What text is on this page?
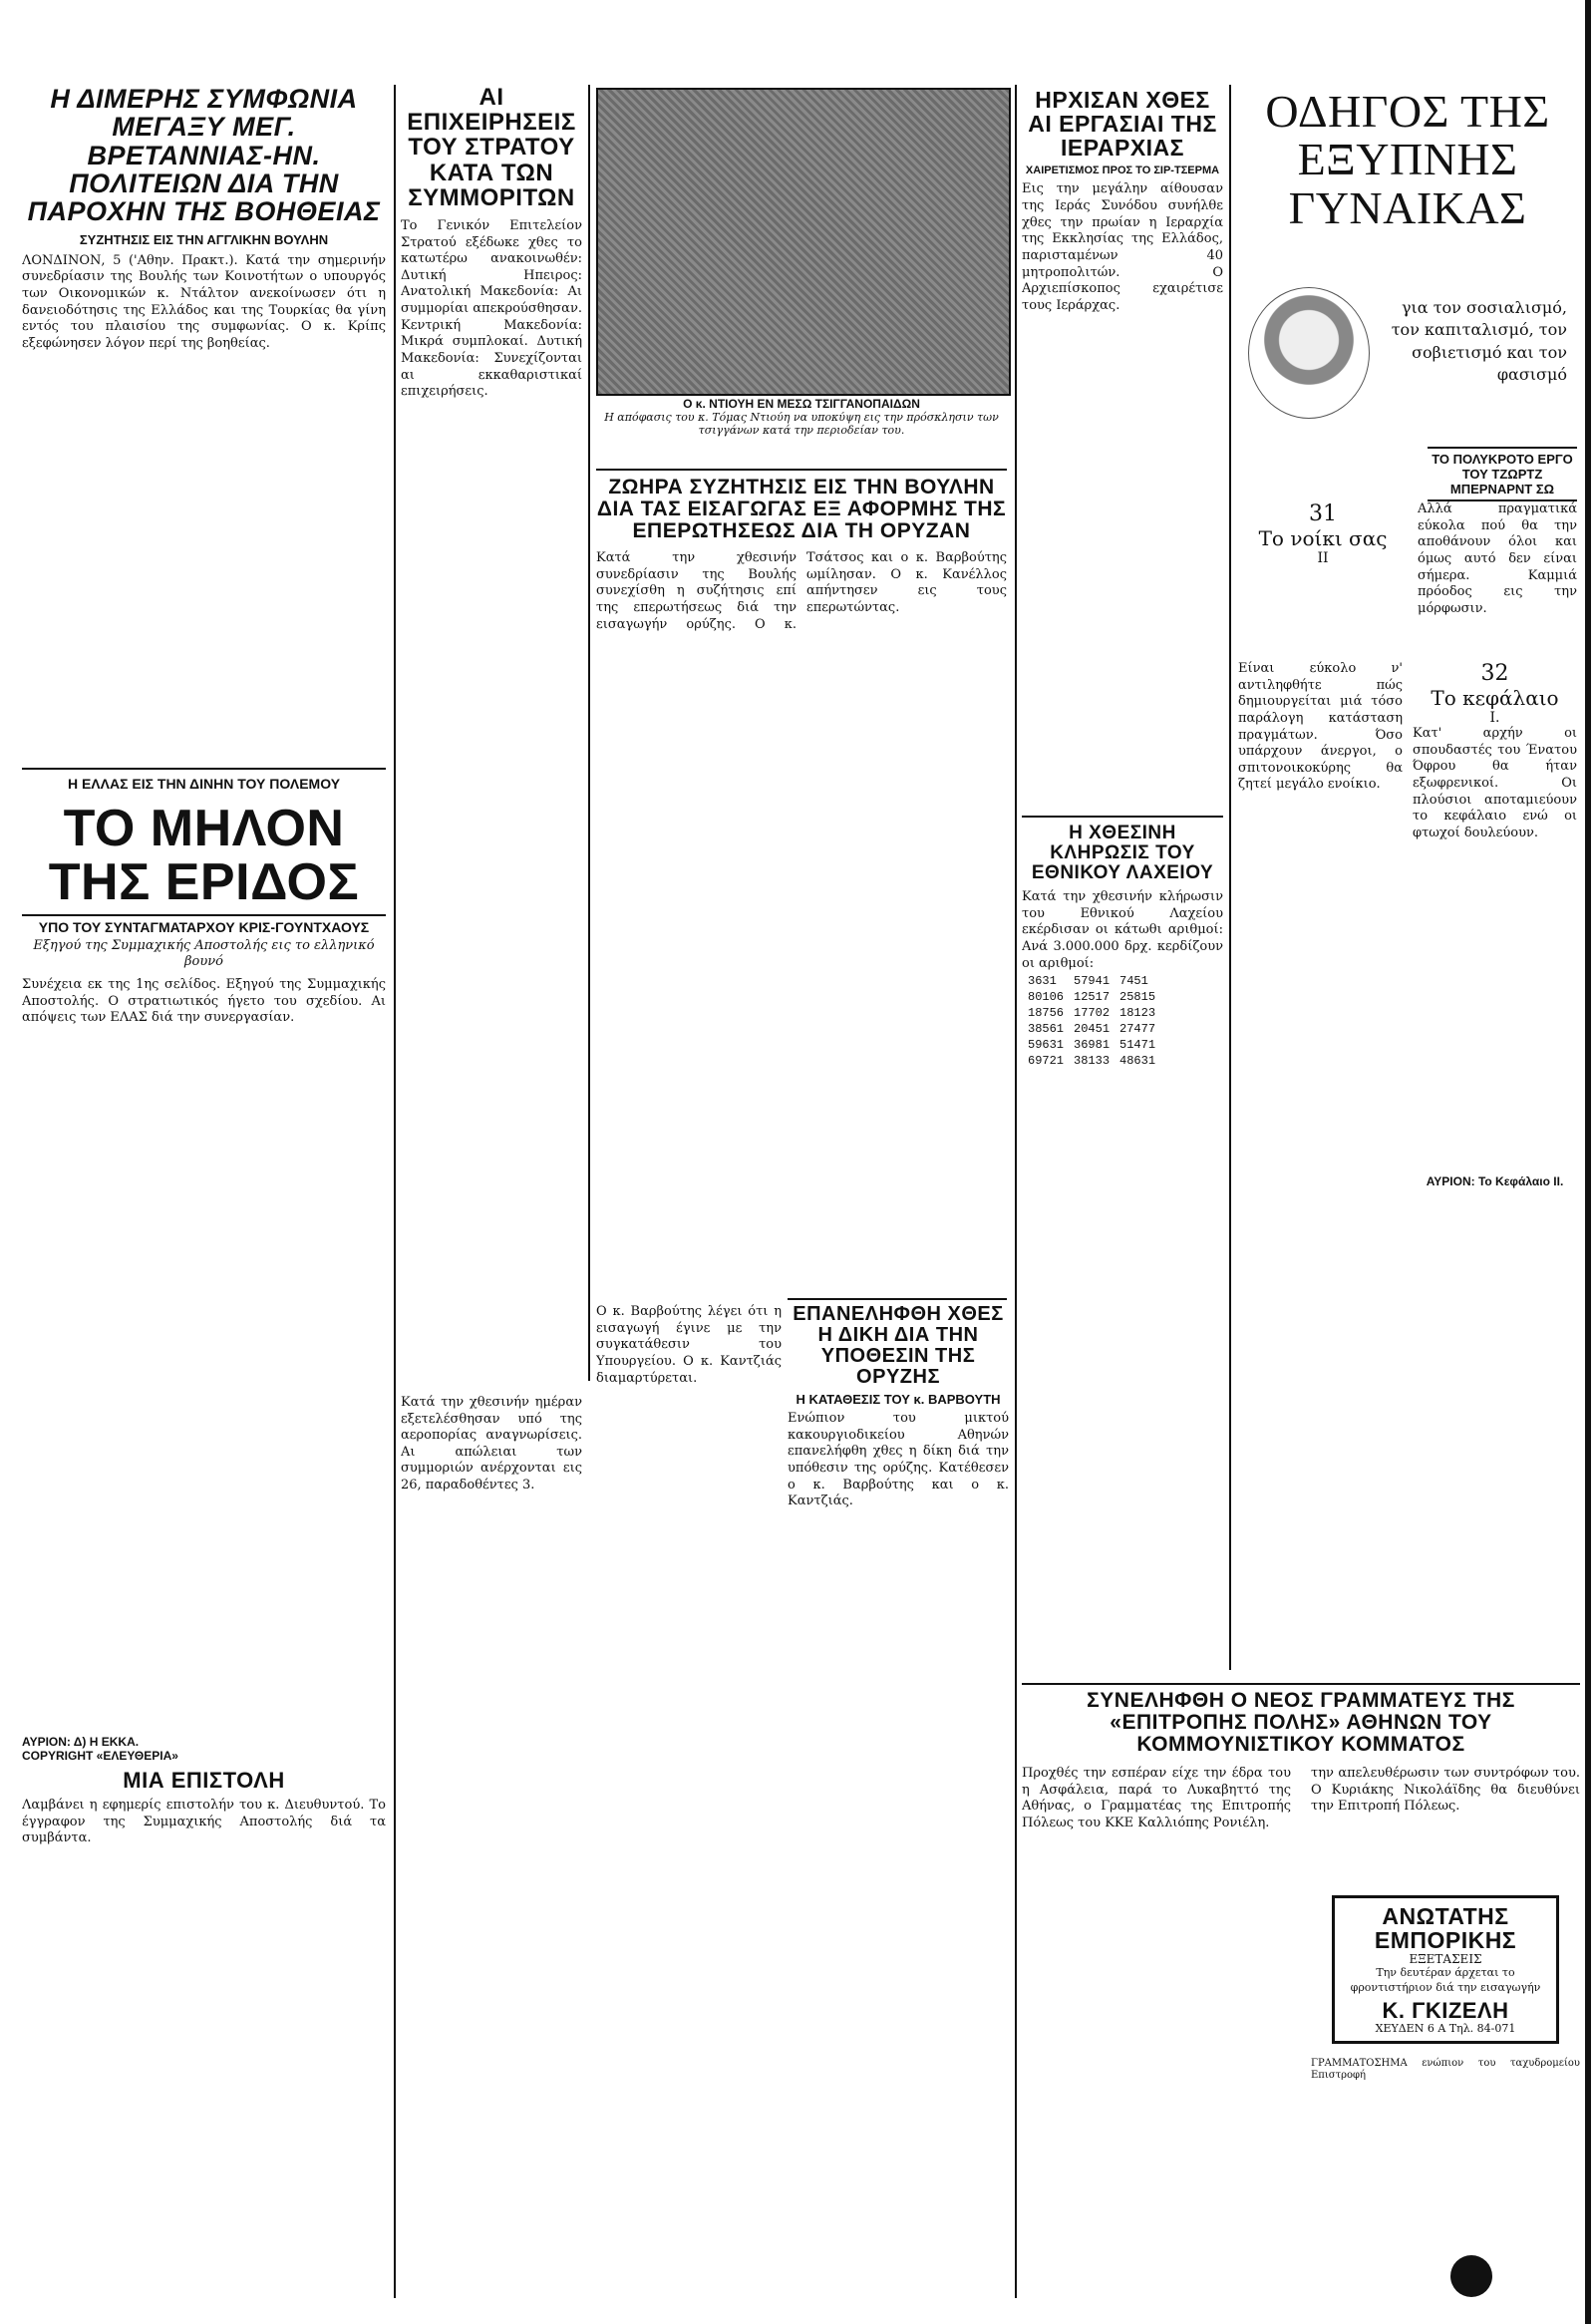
Η ΔΙΜΕΡΗΣ ΣΥΜΦΩΝΙΑ ΜΕΓΑΞΥ ΜΕΓ. ΒΡΕΤΑΝΝΙΑΣ-ΗΝ. ΠΟΛΙΤΕΙΩΝ ΔΙΑ ΤΗΝ ΠΑΡΟΧΗΝ ΤΗΣ ΒΟΗΘΕΙΑΣ
ΣΥΖΗΤΗΣΙΣ ΕΙΣ ΤΗΝ ΑΓΓΛΙΚΗΝ ΒΟΥΛΗΝ
ΛΟΝΔΙΝΟΝ, 5 ('Αθην. Πρακτ.). Κατά την σημερινήν συνεδρίασιν της Βουλής των Κοινοτήτων ο υπουργός των Οικονομικών κ. Ντάλτον ανεκοίνωσεν ότι η δανειοδότησις της Ελλάδος και της Τουρκίας θα γίνη εντός του πλαισίου της συμφωνίας. Ο κ. Κρίπς εξεφώνησεν λόγον περί της βοηθείας.
Η ΕΛΛΑΣ ΕΙΣ ΤΗΝ ΔΙΝΗΝ ΤΟΥ ΠΟΛΕΜΟΥ
ΤΟ ΜΗΛΟΝ ΤΗΣ ΕΡΙΔΟΣ
ΥΠΟ ΤΟΥ ΣΥΝΤΑΓΜΑΤΑΡΧΟΥ ΚΡΙΣ-ΓΟΥΝΤΧΑΟΥΣ
Εξηγού της Συμμαχικής Αποστολής εις το ελληνικό βουνό
Συνέχεια εκ της 1ης σελίδος. Εξηγού της Συμμαχικής Αποστολής. Ο στρατιωτικός ήγετο του σχεδίου. Αι απόψεις των ΕΛΑΣ διά την συνεργασίαν.
ΑΥΡΙΟΝ: Δ) Η ΕΚΚΑ.
COPYRIGHT «ΕΛΕΥΘΕΡΙΑ»
ΜΙΑ ΕΠΙΣΤΟΛΗ
Λαμβάνει η εφημερίς επιστολήν του κ. Διευθυντού. Το έγγραφον της Συμμαχικής Αποστολής διά τα συμβάντα.
ΑΙ ΕΠΙΧΕΙΡΗΣΕΙΣ ΤΟΥ ΣΤΡΑΤΟΥ ΚΑΤΑ ΤΩΝ ΣΥΜΜΟΡΙΤΩΝ
Το Γενικόν Επιτελείον Στρατού εξέδωκε χθες το κατωτέρω ανακοινωθέν: Δυτική Ηπειρος: Ανατολική Μακεδονία: Αι συμμορίαι απεκρούσθησαν. Κεντρική Μακεδονία: Μικρά συμπλοκαί. Δυτική Μακεδονία: Συνεχίζονται αι εκκαθαριστικαί επιχειρήσεις.
Κατά την χθεσινήν ημέραν εξετελέσθησαν υπό της αεροπορίας αναγνωρίσεις. Αι απώλειαι των συμμοριών ανέρχονται εις 26, παραδοθέντες 3.
Ο κ. ΝΤΙΟΥΗ ΕΝ ΜΕΣΩ ΤΣΙΓΓΑΝΟΠΑΙΔΩΝ
Η απόφασις του κ. Τόμας Ντιούη να υποκύψη εις την πρόσκλησιν των τσιγγάνων κατά την περιοδείαν του.
ΖΩΗΡΑ ΣΥΖΗΤΗΣΙΣ ΕΙΣ ΤΗΝ ΒΟΥΛΗΝ ΔΙΑ ΤΑΣ ΕΙΣΑΓΩΓΑΣ ΕΞ ΑΦΟΡΜΗΣ ΤΗΣ ΕΠΕΡΩΤΗΣΕΩΣ ΔΙΑ ΤΗ ΟΡΥΖΑΝ
Κατά την χθεσινήν συνεδρίασιν της Βουλής συνεχίσθη η συζήτησις επί της επερωτήσεως διά την εισαγωγήν ορύζης. Ο κ. Τσάτσος και ο κ. Βαρβούτης ωμίλησαν. Ο κ. Κανέλλος απήντησεν εις τους επερωτώντας.
ΕΠΑΝΕΛΗΦΘΗ ΧΘΕΣ Η ΔΙΚΗ ΔΙΑ ΤΗΝ ΥΠΟΘΕΣΙΝ ΤΗΣ ΟΡΥΖΗΣ
Η ΚΑΤΑΘΕΣΙΣ ΤΟΥ κ. ΒΑΡΒΟΥΤΗ
Ενώπιον του μικτού κακουργιοδικείου Αθηνών επανελήφθη χθες η δίκη διά την υπόθεσιν της ορύζης. Κατέθεσεν ο κ. Βαρβούτης και ο κ. Καντζιάς.
Ο κ. Βαρβούτης λέγει ότι η εισαγωγή έγινε με την συγκατάθεσιν του Υπουργείου. Ο κ. Καντζιάς διαμαρτύρεται.
ΗΡΧΙΣΑΝ ΧΘΕΣ ΑΙ ΕΡΓΑΣΙΑΙ ΤΗΣ ΙΕΡΑΡΧΙΑΣ
ΧΑΙΡΕΤΙΣΜΟΣ ΠΡΟΣ ΤΟ ΣΙΡ-ΤΣΕΡΜΑ
Εις την μεγάλην αίθουσαν της Ιεράς Συνόδου συνήλθε χθες την πρωίαν η Ιεραρχία της Εκκλησίας της Ελλάδος, παρισταμένων 40 μητροπολιτών. Ο Αρχιεπίσκοπος εχαιρέτισε τους Ιεράρχας.
Η ΧΘΕΣΙΝΗ ΚΛΗΡΩΣΙΣ ΤΟΥ ΕΘΝΙΚΟΥ ΛΑΧΕΙΟΥ
Κατά την χθεσινήν κλήρωσιν του Εθνικού Λαχείου εκέρδισαν οι κάτωθι αριθμοί: Ανά 3.000.000 δρχ. κερδίζουν οι αριθμοί:
3631	57941	7451
80106	12517	25815
18756	17702	18123
38561	20451	27477
59631	36981	51471
69721	38133	48631
ΟΔΗΓΟΣ ΤΗΣ ΕΞΥΠΝΗΣ ΓΥΝΑΙΚΑΣ
για τον σοσιαλισμό, τον καπιταλισμό, τον σοβιετισμό και τον φασισμό
ΤΟ ΠΟΛΥΚΡΟΤΟ ΕΡΓΟ ΤΟΥ ΤΖΩΡΤΖ ΜΠΕΡΝΑΡΝΤ ΣΩ
Αλλά πραγματικά εύκολα πού θα την αποθάνουν όλοι και όμως αυτό δεν είναι σήμερα. Καμμιά πρόοδος εις την μόρφωσιν.
31
Το νοίκι σας
II
Είναι εύκολο ν' αντιληφθήτε πώς δημιουργείται μιά τόσο παράλογη κατάσταση πραγμάτων. Όσο υπάρχουν άνεργοι, ο σπιτονοικοκύρης θα ζητεί μεγάλο ενοίκιο.
32
Το κεφάλαιο
Ι.
Κατ' αρχήν οι σπουδαστές του Ένατου Όφρου θα ήταν εξωφρενικοί. Οι πλούσιοι αποταμιεύουν το κεφάλαιο ενώ οι φτωχοί δουλεύουν.
ΑΥΡΙΟΝ: Το Κεφάλαιο II.
ΣΥΝΕΛΗΦΘΗ Ο ΝΕΟΣ ΓΡΑΜΜΑΤΕΥΣ ΤΗΣ «ΕΠΙΤΡΟΠΗΣ ΠΟΛΗΣ» ΑΘΗΝΩΝ ΤΟΥ ΚΟΜΜΟΥΝΙΣΤΙΚΟΥ ΚΟΜΜΑΤΟΣ
Προχθές την εσπέραν είχε την έδρα του η Ασφάλεια, παρά το Λυκαβηττό της Αθήνας, ο Γραμματέας της Επιτροπής Πόλεως του ΚΚΕ Καλλιόπης Ρονιέλη.
την απελευθέρωσιν των συντρόφων του. Ο Κυριάκης Νικολάϊδης θα διευθύνει την Επιτροπή Πόλεως.
ΑΝΩΤΑΤΗΣ ΕΜΠΟΡΙΚΗΣ
ΕΞΕΤΑΣΕΙΣ
Την δευτέραν άρχεται το φροντιστήριον διά την εισαγωγήν
Κ. ΓΚΙΖΕΛΗ
ΧΕΥΔΕΝ 6 Α Τηλ. 84-071
ΓΡΑΜΜΑΤΟΣΗΜΑ ενώπιον του ταχυδρομείου Επιστροφή
